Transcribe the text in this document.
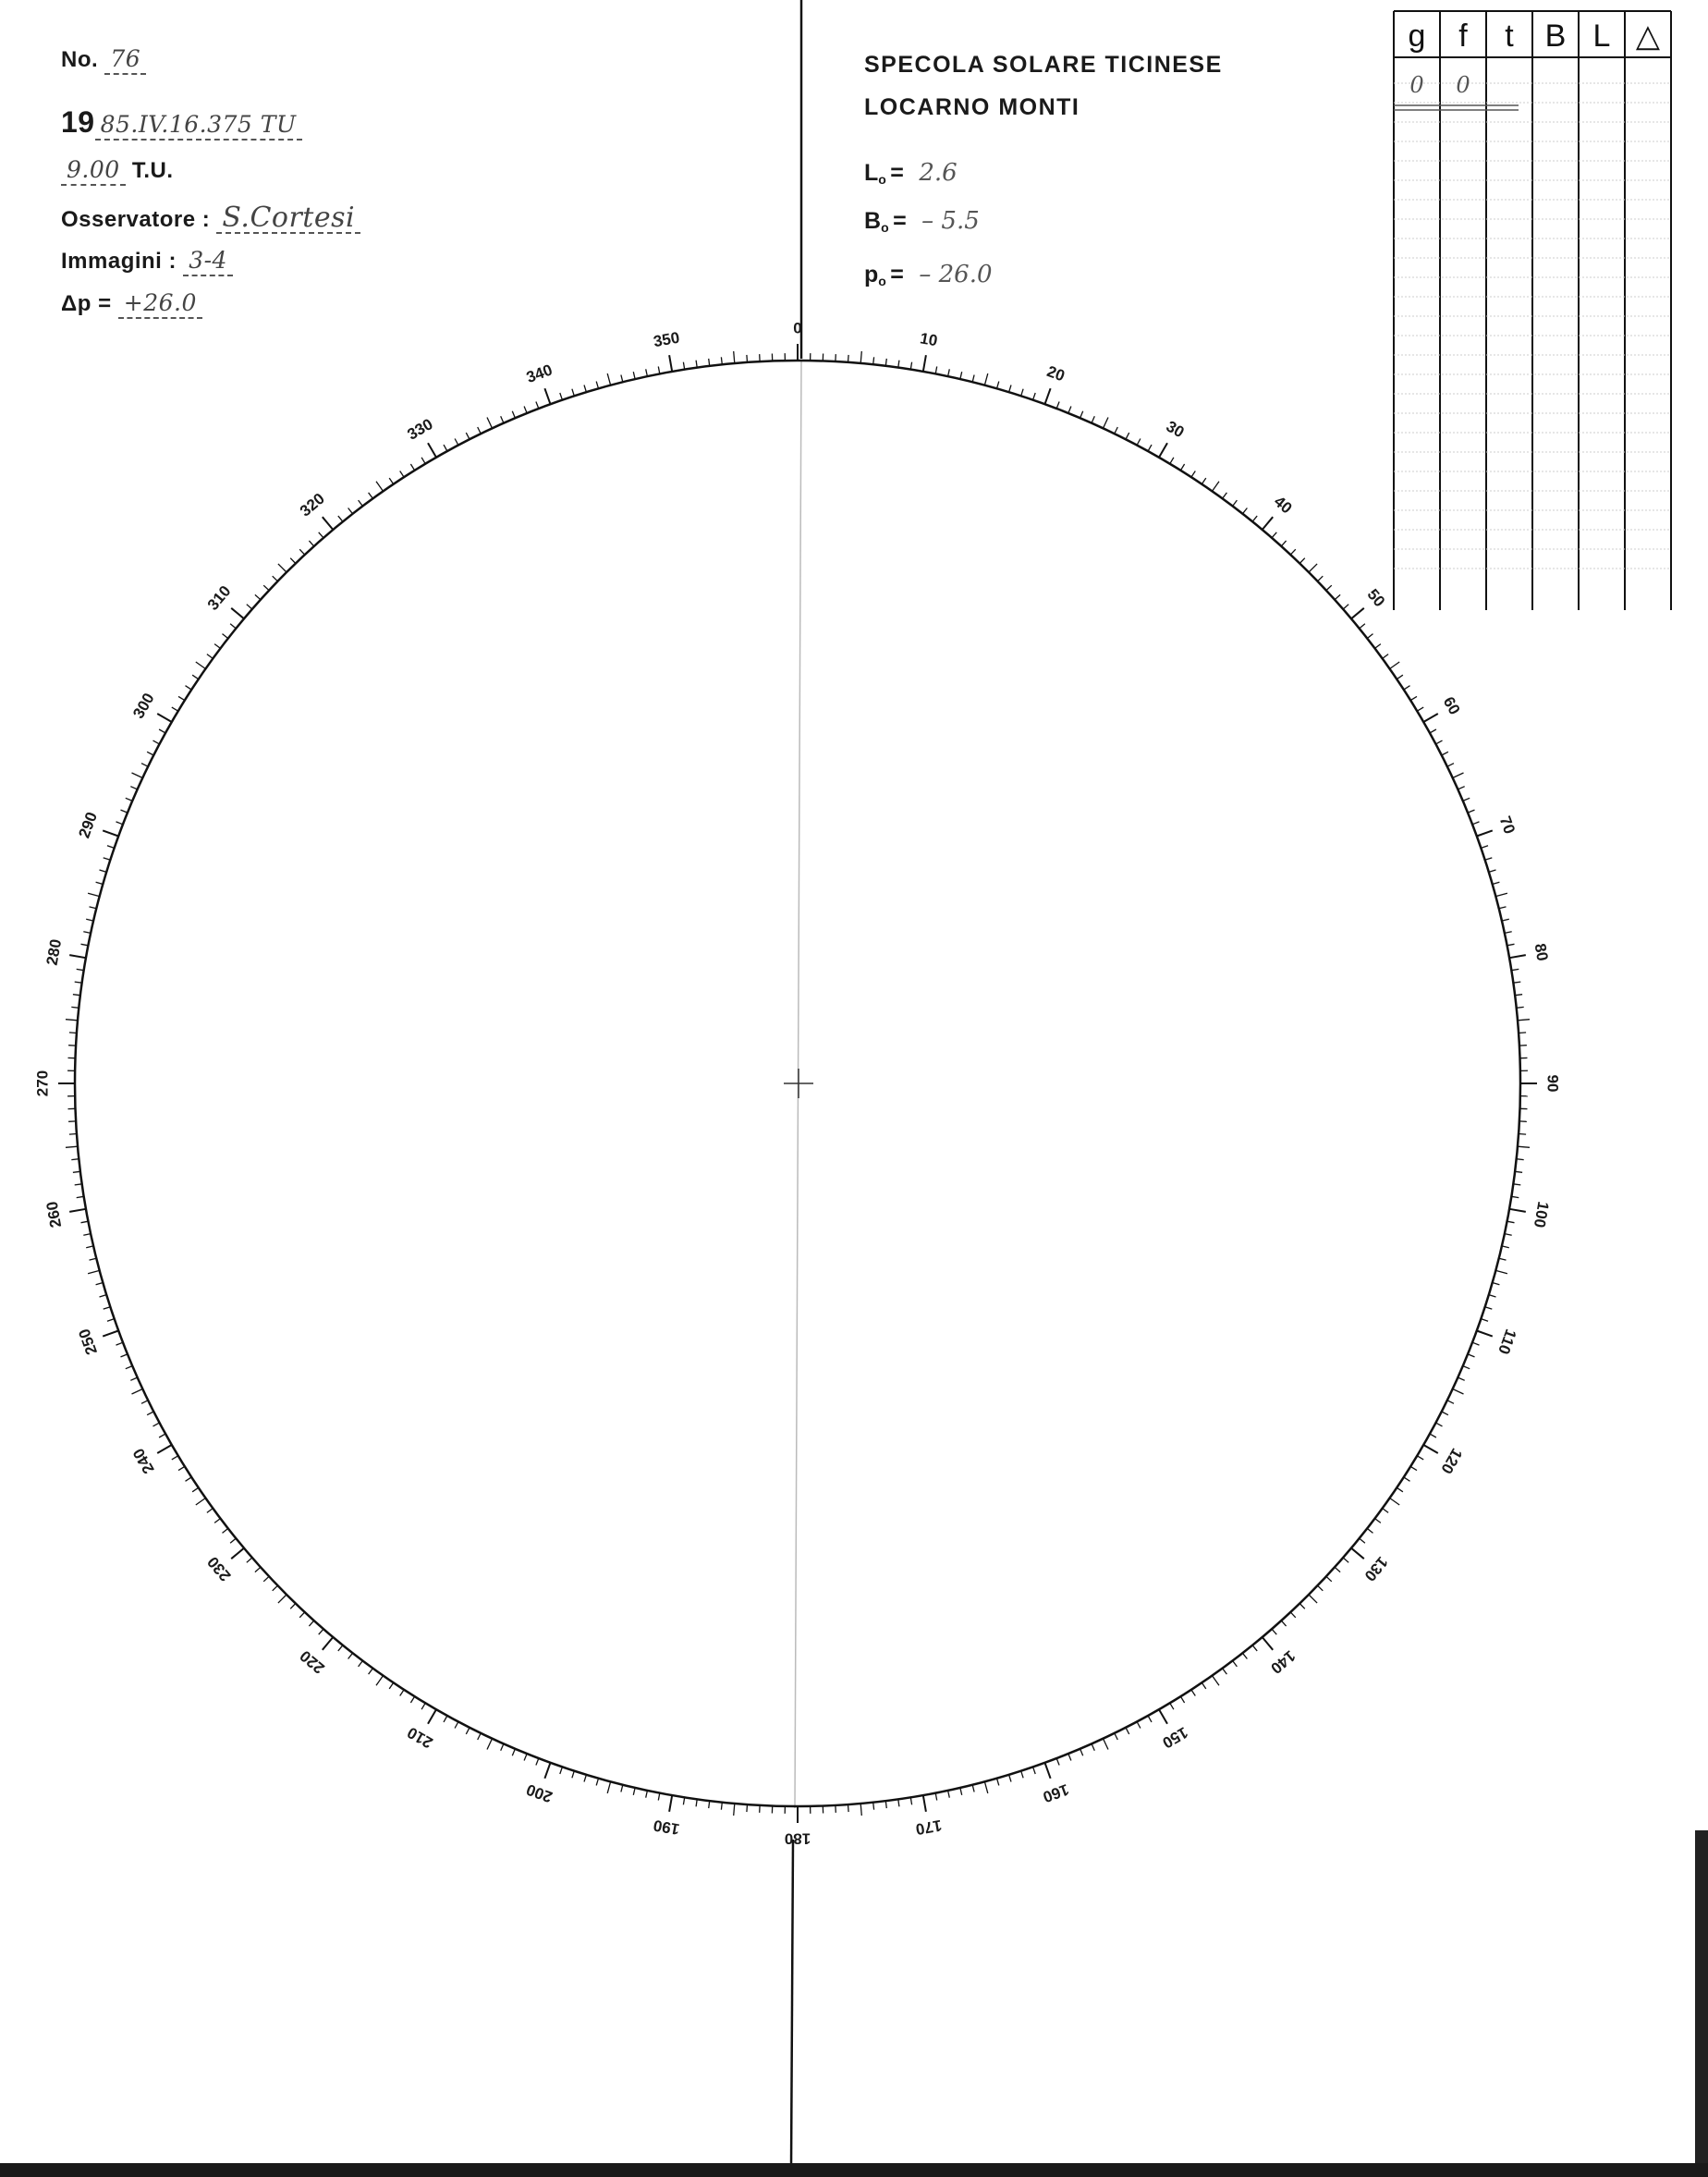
No. 76
19 85.IV.16.375 TU
9.00 T.U.
Osservatore : S.Cortesi
Immagini : 3-4
Δp = +26.0
SPECOLA SOLARE TICINESE
LOCARNO MONTI
Lo = 2.6
Bo = – 5.5
po = – 26.0
0
10
20
30
40
50
60
70
80
90
100
110
120
130
140
150
160
170
180
190
200
210
220
230
240
250
260
270
280
290
300
310
320
330
340
350
g f t B L △
0 0
